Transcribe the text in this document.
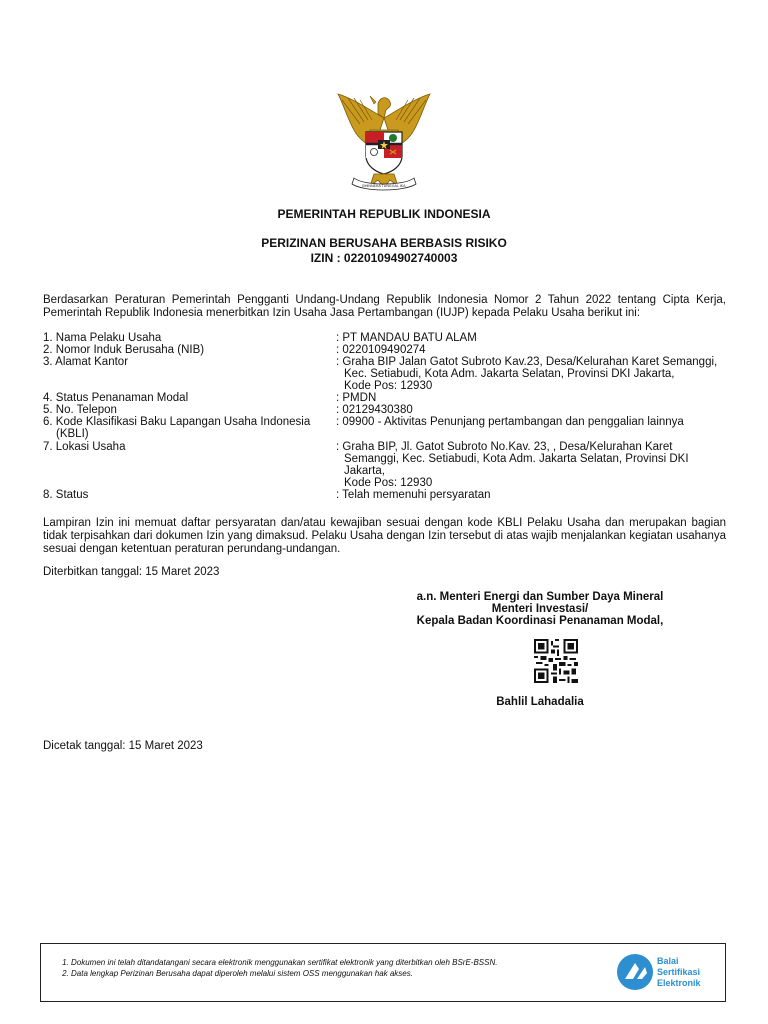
BHINNEKA TUNGGAL IKA
PEMERINTAH REPUBLIK INDONESIA
PERIZINAN BERUSAHA BERBASIS RISIKO
IZIN : 02201094902740003

Berdasarkan Peraturan Pemerintah Pengganti Undang-Undang Republik Indonesia Nomor 2 Tahun 2022 tentang Cipta Kerja, Pemerintah Republik Indonesia menerbitkan Izin Usaha Jasa Pertambangan (IUJP) kepada Pelaku Usaha berikut ini:

1. Nama Pelaku Usaha	: PT MANDAU BATU ALAM
2. Nomor Induk Berusaha (NIB)	: 0220109490274
3. Alamat Kantor	: Graha BIP Jalan Gatot Subroto Kav.23, Desa/Kelurahan Karet Semanggi,
Kec. Setiabudi, Kota Adm. Jakarta Selatan, Provinsi DKI Jakarta,
Kode Pos: 12930
4. Status Penanaman Modal	: PMDN
5. No. Telepon	: 02129430380
6. Kode Klasifikasi Baku Lapangan Usaha Indonesia
(KBLI)
: 09900 - Aktivitas Penunjang pertambangan dan penggalian lainnya
7. Lokasi Usaha	: Graha BIP, Jl. Gatot Subroto No.Kav. 23, , Desa/Kelurahan Karet
Semanggi, Kec. Setiabudi, Kota Adm. Jakarta Selatan, Provinsi DKI
Jakarta,
Kode Pos: 12930
8. Status	: Telah memenuhi persyaratan

Lampiran Izin ini memuat daftar persyaratan dan/atau kewajiban sesuai dengan kode KBLI Pelaku Usaha dan merupakan bagian tidak terpisahkan dari dokumen Izin yang dimaksud. Pelaku Usaha dengan Izin tersebut di atas wajib menjalankan kegiatan usahanya sesuai dengan ketentuan peraturan perundang-undangan.

Diterbitkan tanggal: 15 Maret 2023
a.n. Menteri Energi dan Sumber Daya Mineral
Menteri Investasi/
Kepala Badan Koordinasi Penanaman Modal,
Bahlil Lahadalia
Dicetak tanggal: 15 Maret 2023
1. Dokumen ini telah ditandatangani secara elektronik menggunakan sertifikat elektronik yang diterbitkan oleh BSrE-BSSN.
2. Data lengkap Perizinan Berusaha dapat diperoleh melalui sistem OSS menggunakan hak akses.
Balai
Sertifikasi
Elektronik
